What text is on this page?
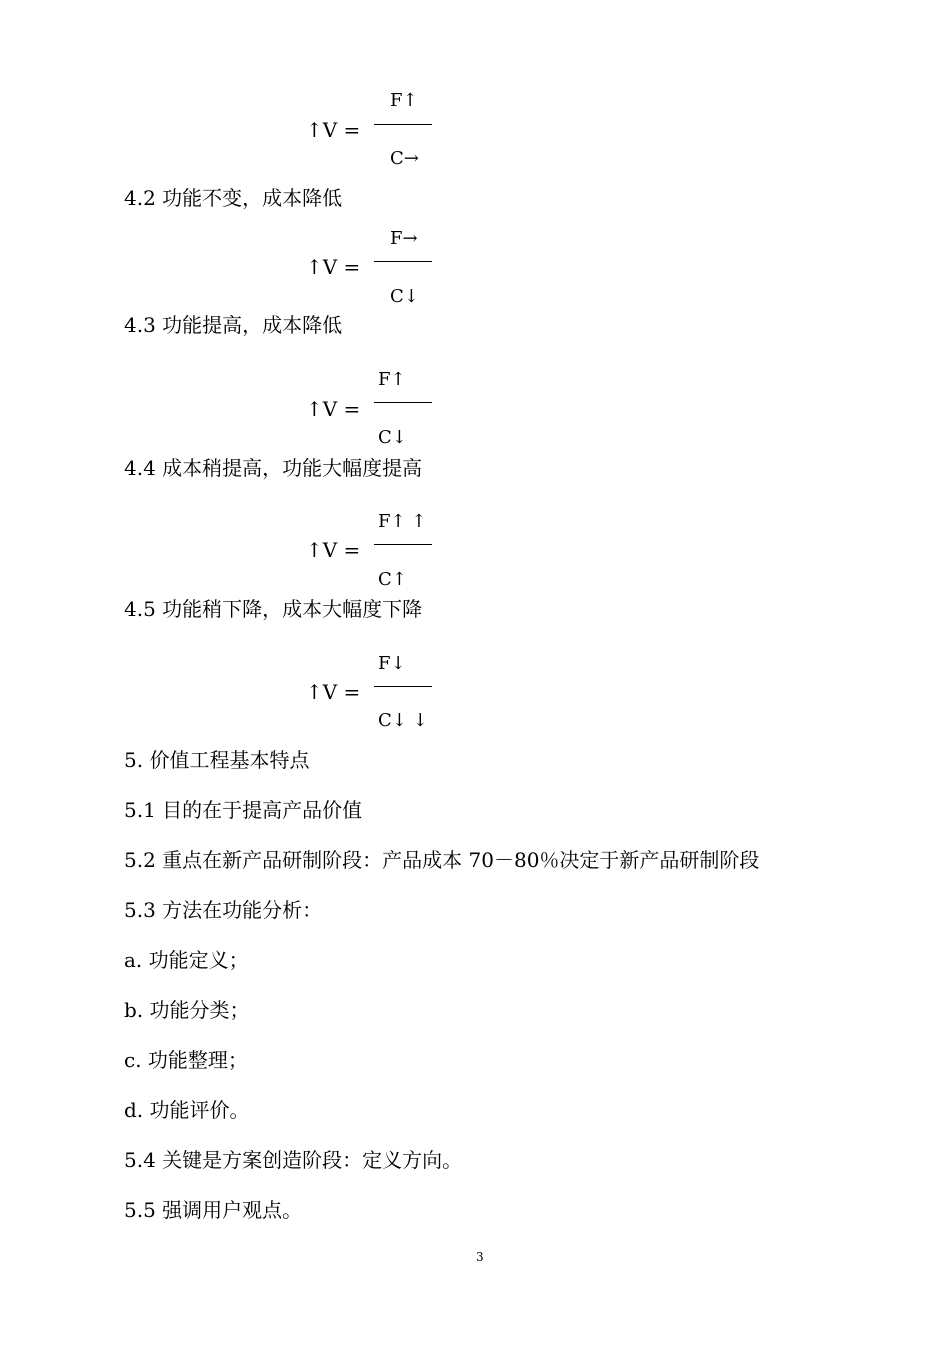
↑V =
F↑
C→
4.2 功能不变，成本降低
↑V =
F→
C↓
4.3 功能提高，成本降低
↑V =
F↑
C↓
4.4 成本稍提高，功能大幅度提高
↑V =
F↑ ↑
C↑
4.5 功能稍下降，成本大幅度下降
↑V =
F↓
C↓ ↓
5. 价值工程基本特点
5.1 目的在于提高产品价值
5.2 重点在新产品研制阶段：产品成本 70－80％决定于新产品研制阶段
5.3 方法在功能分析：
a. 功能定义；
b. 功能分类；
c. 功能整理；
d. 功能评价。
5.4 关键是方案创造阶段：定义方向。
5.5 强调用户观点。
3
